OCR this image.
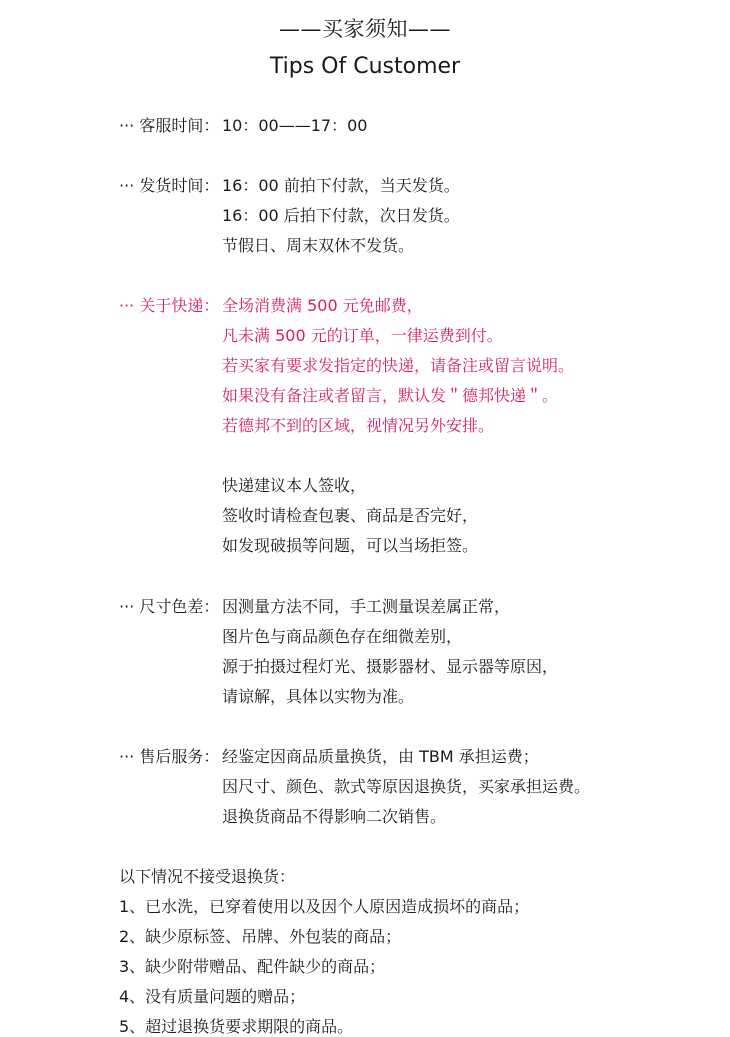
——买家须知——
Tips Of Customer
··· 客服时间： 10：00——17：00
··· 发货时间： 16：00 前拍下付款，当天发货。
16：00 后拍下付款，次日发货。
节假日、周末双休不发货。
··· 关于快递： 全场消费满 500 元免邮费，
凡未满 500 元的订单，一律运费到付。
若买家有要求发指定的快递，请备注或留言说明。
如果没有备注或者留言，默认发＂德邦快递＂。
若德邦不到的区域，视情况另外安排。
快递建议本人签收，
签收时请检查包裹、商品是否完好，
如发现破损等问题，可以当场拒签。
··· 尺寸色差： 因测量方法不同，手工测量误差属正常，
图片色与商品颜色存在细微差别，
源于拍摄过程灯光、摄影器材、显示器等原因，
请谅解，具体以实物为准。
··· 售后服务： 经鉴定因商品质量换货，由 TBM 承担运费；
因尺寸、颜色、款式等原因退换货，买家承担运费。
退换货商品不得影响二次销售。
以下情况不接受退换货：
1、已水洗，已穿着使用以及因个人原因造成损坏的商品；
2、缺少原标签、吊牌、外包装的商品；
3、缺少附带赠品、配件缺少的商品；
4、没有质量问题的赠品；
5、超过退换货要求期限的商品。
